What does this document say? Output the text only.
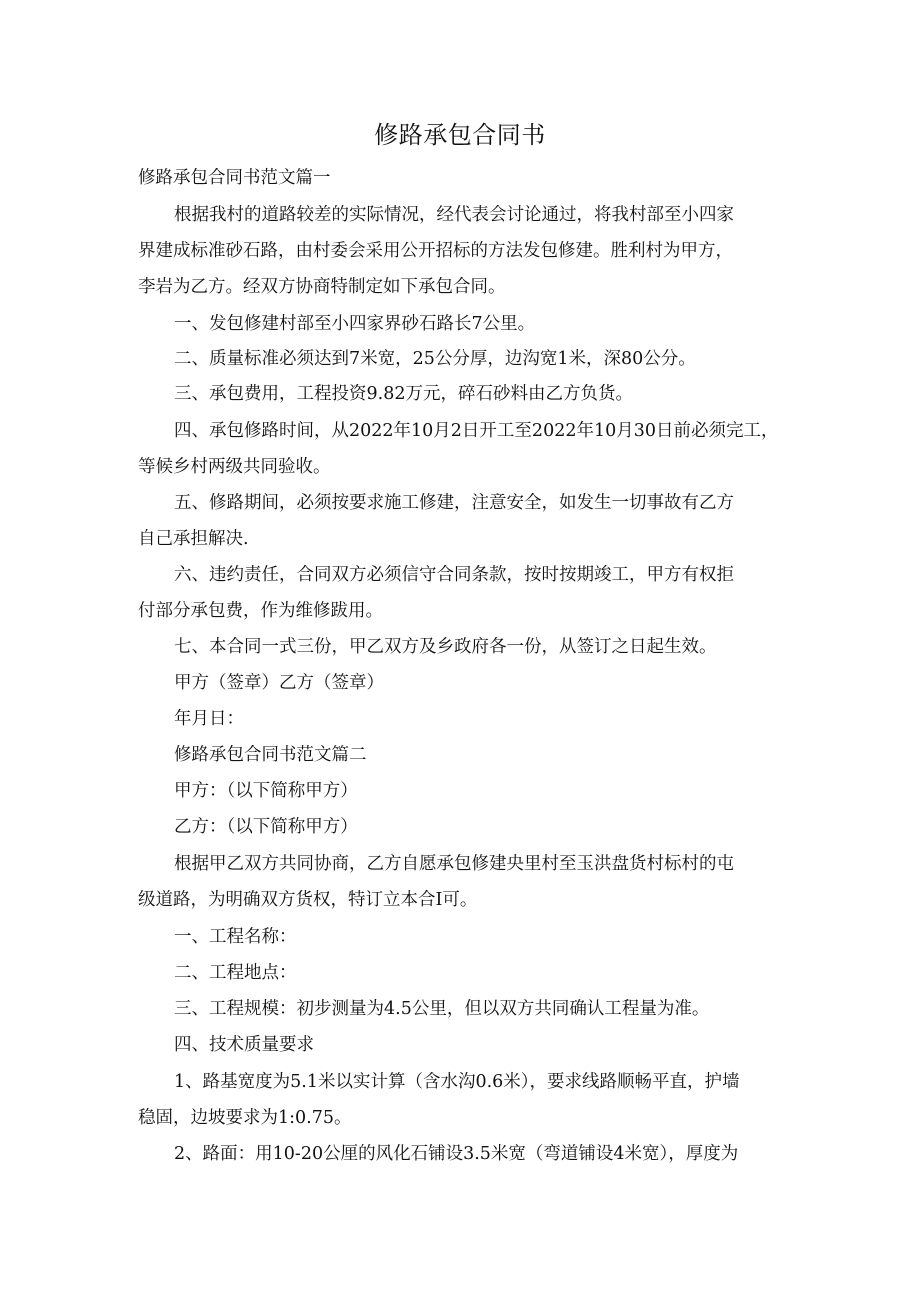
修路承包合同书
修路承包合同书范文篇一
根据我村的道路较差的实际情况，经代表会讨论通过，将我村部至小四家
界建成标准砂石路，由村委会采用公开招标的方法发包修建。胜利村为甲方，
李岩为乙方。经双方协商特制定如下承包合同。
一、发包修建村部至小四家界砂石路长7公里。
二、质量标准必须达到7米宽，25公分厚，边沟宽1米，深80公分。
三、承包费用，工程投资9.82万元，碎石砂料由乙方负货。
四、承包修路时间，从2022年10月2日开工至2022年10月30日前必须完工，
等候乡村两级共同验收。
五、修路期间，必须按要求施工修建，注意安全，如发生一切事故有乙方
自己承担解决.
六、违约责任，合同双方必须信守合同条款，按时按期竣工，甲方有权拒
付部分承包费，作为维修跋用。
七、本合同一式三份，甲乙双方及乡政府各一份，从签订之日起生效。
甲方（签章）乙方（签章）
年月日：
修路承包合同书范文篇二
甲方：（以下简称甲方）
乙方：（以下简称甲方）
根据甲乙双方共同协商，乙方自愿承包修建央里村至玉洪盘货村标村的屯
级道路，为明确双方货权，特订立本合I可。
一、工程名称：
二、工程地点：
三、工程规模：初步测量为4.5公里，但以双方共同确认工程量为准。
四、技术质量要求
1、路基宽度为5.1米以实计算（含水沟0.6米），要求线路顺畅平直，护墙
稳固，边坡要求为1:0.75。
2、路面：用10-20公厘的风化石铺设3.5米宽（弯道铺设4米宽），厚度为
